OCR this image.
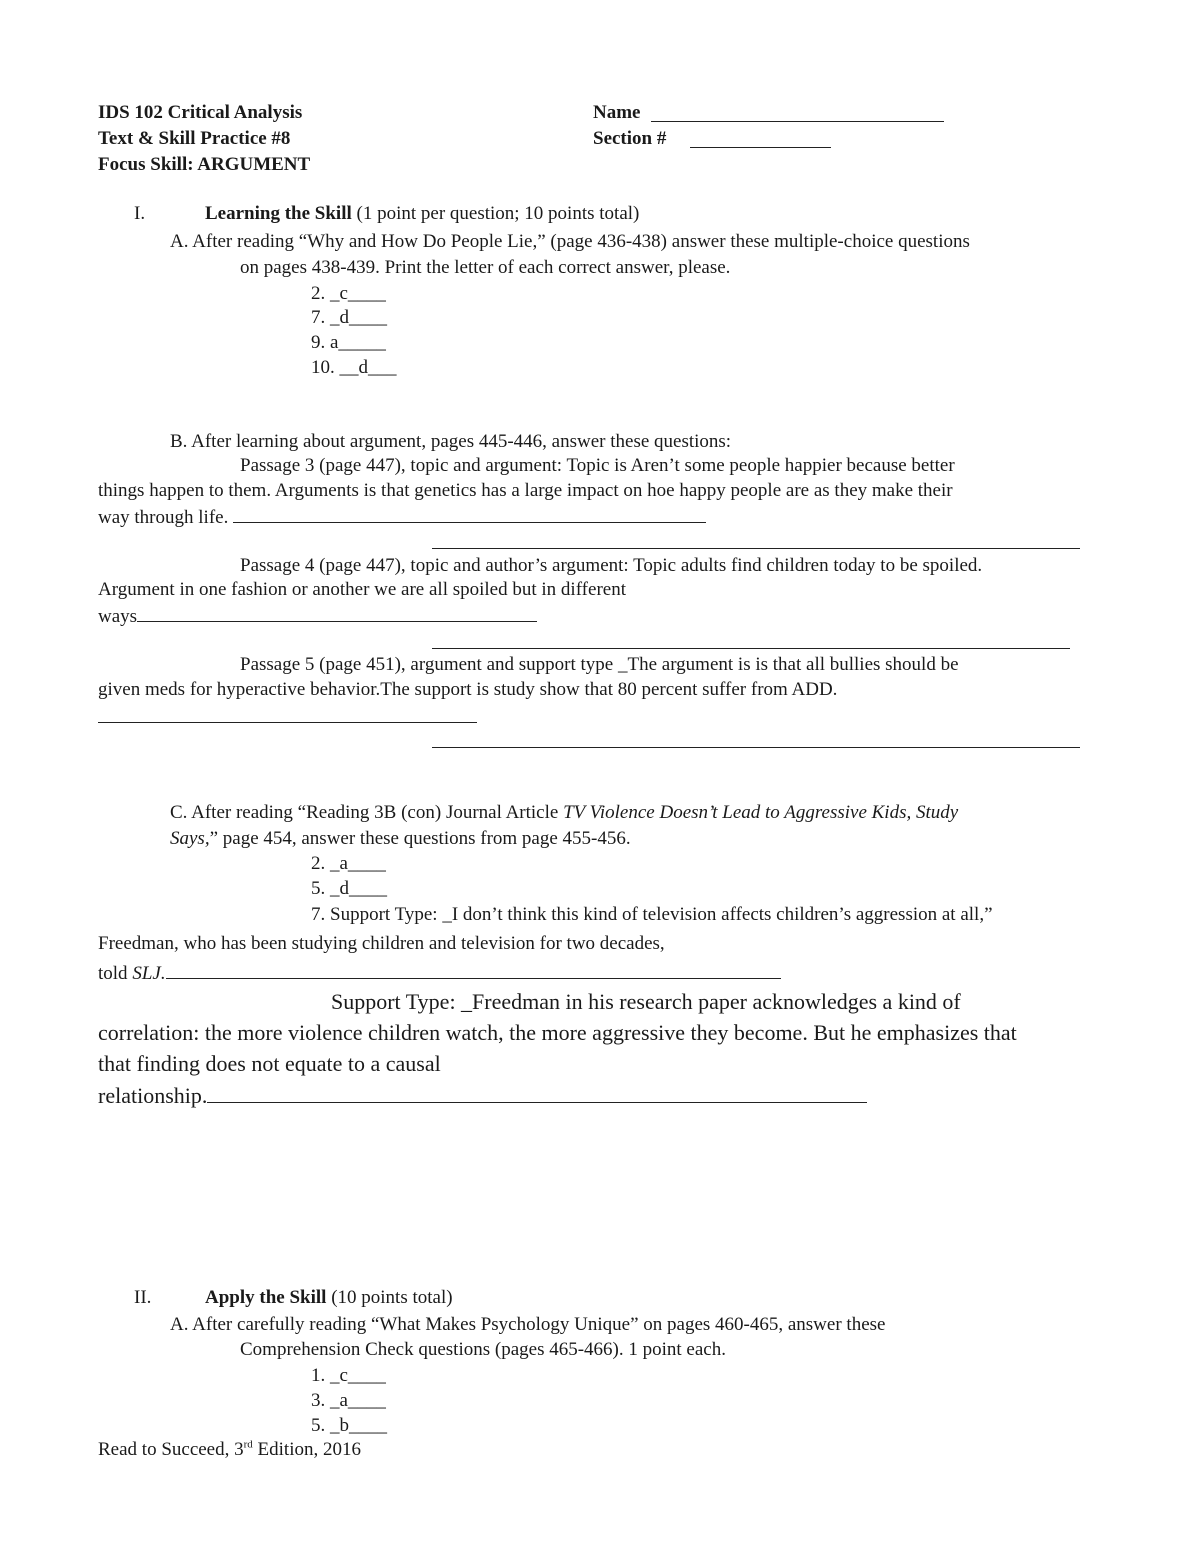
IDS 102 Critical Analysis
Text & Skill Practice #8
Focus Skill: ARGUMENT
Name
Section #
I.	Learning the Skill (1 point per question; 10 points total)
A. After reading “Why and How Do People Lie,” (page 436-438) answer these multiple-choice questions
on pages 438-439. Print the letter of each correct answer, please.
2. _c____
7. _d____
9. a_____
10. __d___
B. After learning about argument, pages 445-446, answer these questions:
Passage 3 (page 447), topic and argument: Topic is Aren’t some people happier because better
things happen to them. Arguments is that genetics has a large impact on hoe happy people are as they make their
way through life.
Passage 4 (page 447), topic and author’s argument: Topic adults find children today to be spoiled.
Argument in one fashion or another we are all spoiled but in different
ways
Passage 5 (page 451), argument and support type _The argument is is that all bullies should be
given meds for hyperactive behavior.The support is study show that 80 percent suffer from ADD.
C. After reading “Reading 3B (con) Journal Article TV Violence Doesn’t Lead to Aggressive Kids, Study
Says,” page 454, answer these questions from page 455-456.
2. _a____
5. _d____
7. Support Type: _I don’t think this kind of television affects children’s aggression at all,”
Freedman, who has been studying children and television for two decades,
told SLJ.
Support Type: _Freedman in his research paper acknowledges a kind of
correlation: the more violence children watch, the more aggressive they become. But he emphasizes that
that finding does not equate to a causal
relationship.
II.	Apply the Skill (10 points total)
A. After carefully reading “What Makes Psychology Unique” on pages 460-465, answer these
Comprehension Check questions (pages 465-466). 1 point each.
1. _c____
3. _a____
5. _b____
Read to Succeed, 3rd Edition, 2016
